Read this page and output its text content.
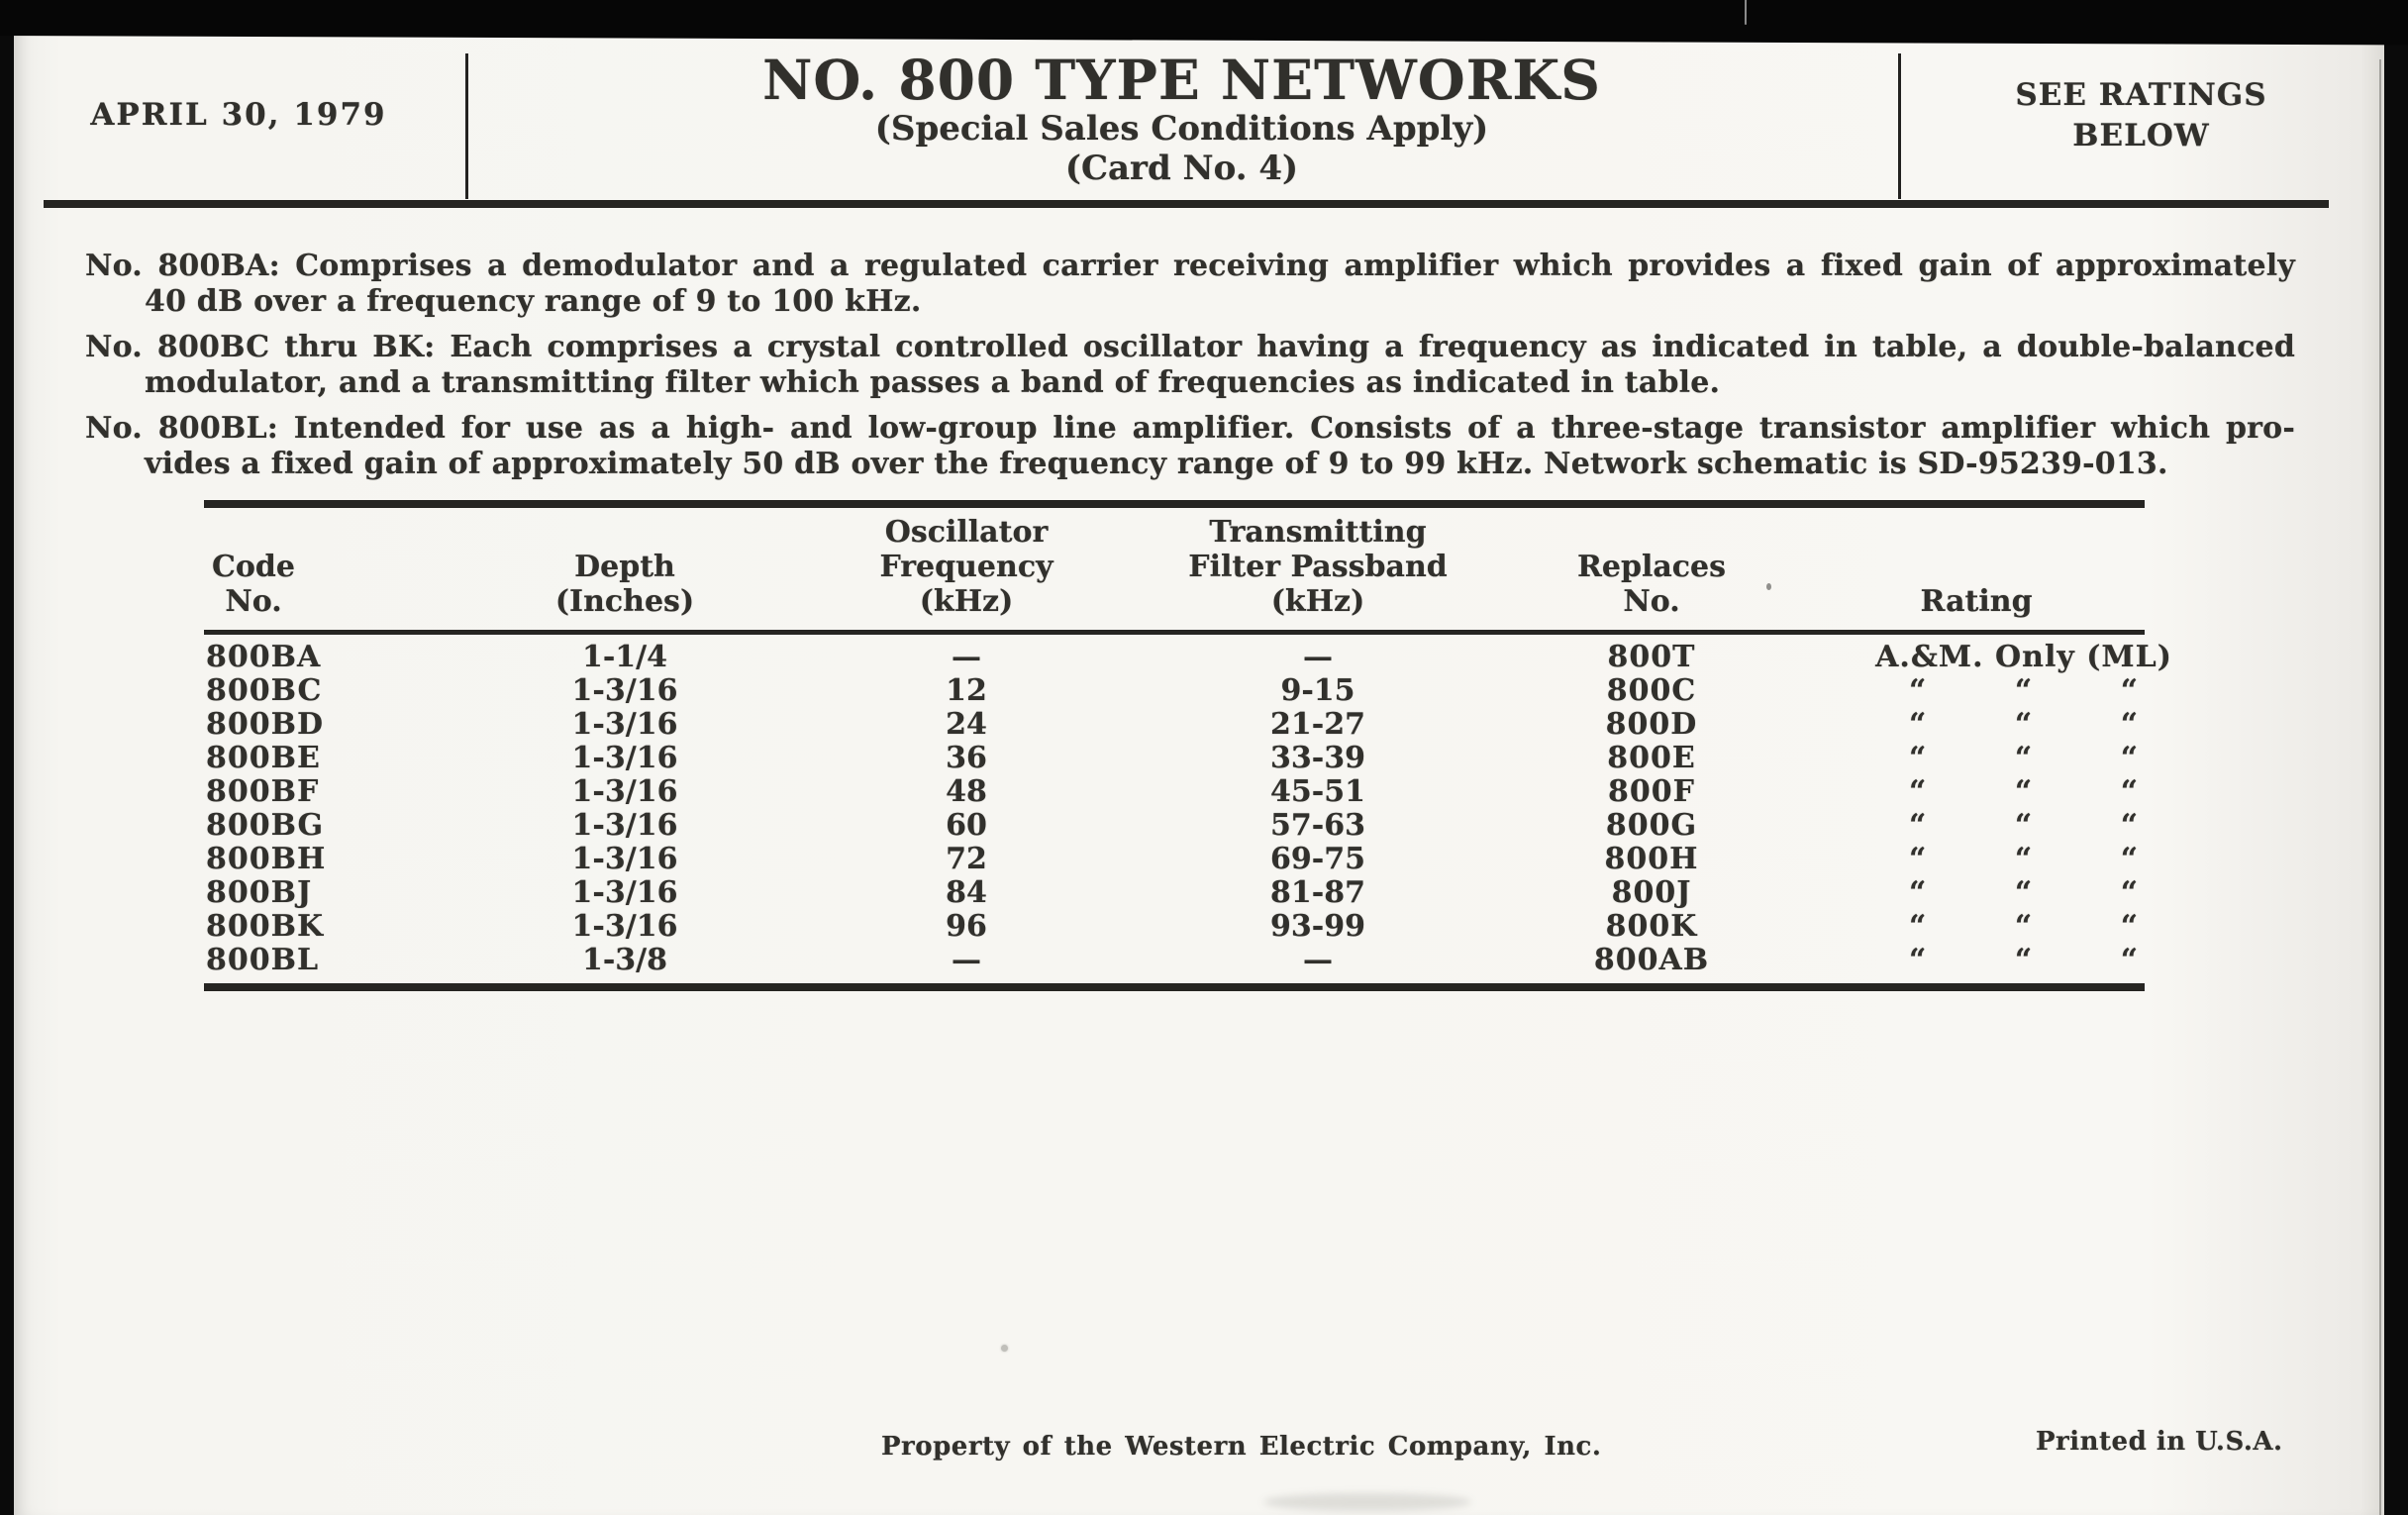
APRIL 30, 1979
NO. 800 TYPE NETWORKS
(Special Sales Conditions Apply)
(Card No. 4)
SEE RATINGS
BELOW
No. 800BA: Comprises a demodulator and a regulated carrier receiving amplifier which provides a fixed gain of approximately
40 dB over a frequency range of 9 to 100 kHz.
No. 800BC thru BK: Each comprises a crystal controlled oscillator having a frequency as indicated in table, a double-balanced
modulator, and a transmitting filter which passes a band of frequencies as indicated in table.
No. 800BL: Intended for use as a high- and low-group line amplifier. Consists of a three-stage transistor amplifier which pro-
vides a fixed gain of approximately 50 dB over the frequency range of 9 to 99 kHz. Network schematic is SD-95239-013.
Code
No.
Depth
(Inches)
Oscillator
Frequency
(kHz)
Transmitting
Filter Passband
(kHz)
Replaces
No.	Rating
800BA	1-1/4	—	—	800T	A.&M. Only (ML)
800BC	1-3/16	12	9-15	800C	“	“	“
800BD	1-3/16	24	21-27	800D	“	“	“
800BE	1-3/16	36	33-39	800E	“	“	“
800BF	1-3/16	48	45-51	800F	“	“	“
800BG	1-3/16	60	57-63	800G	“	“	“
800BH	1-3/16	72	69-75	800H	“	“	“
800BJ	1-3/16	84	81-87	800J	“	“	“
800BK	1-3/16	96	93-99	800K	“	“	“
800BL	1-3/8	—	—	800AB	“	“	“
Property of the Western Electric Company, Inc.	Printed in U.S.A.
